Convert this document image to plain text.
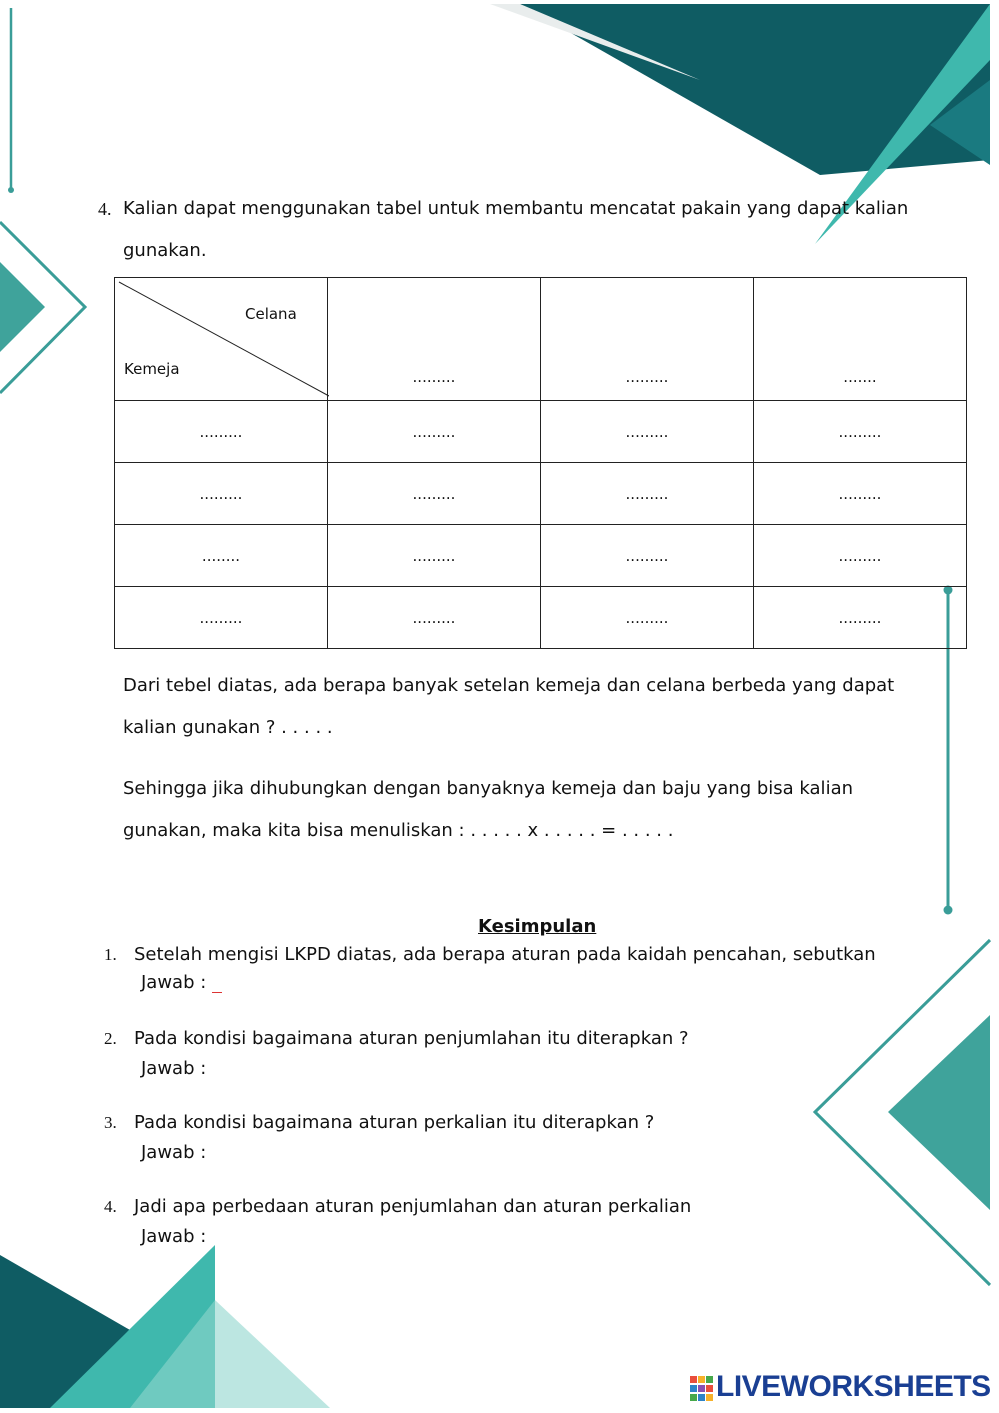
4. Kalian dapat menggunakan tabel untuk membantu mencatat pakain yang dapat kalian
gunakan.
Celana
Kemeja	.........	.........	.......
.........	.........	.........	.........
.........	.........	.........	.........
........	.........	.........	.........
.........	.........	.........	.........
Dari tebel diatas, ada berapa banyak setelan kemeja dan celana berbeda yang dapat
kalian gunakan ? . . . . .
Sehingga jika dihubungkan dengan banyaknya kemeja dan baju yang bisa kalian
gunakan, maka kita bisa menuliskan : . . . . . x . . . . . = . . . . .
Kesimpulan
1. Setelah mengisi LKPD diatas, ada berapa aturan pada kaidah pencahan, sebutkan
Jawab :
2. Pada kondisi bagaimana aturan penjumlahan itu diterapkan ?
Jawab :
3. Pada kondisi bagaimana aturan perkalian itu diterapkan ?
Jawab :
4. Jadi apa perbedaan aturan penjumlahan dan aturan perkalian
Jawab :
LIVEWORKSHEETS
